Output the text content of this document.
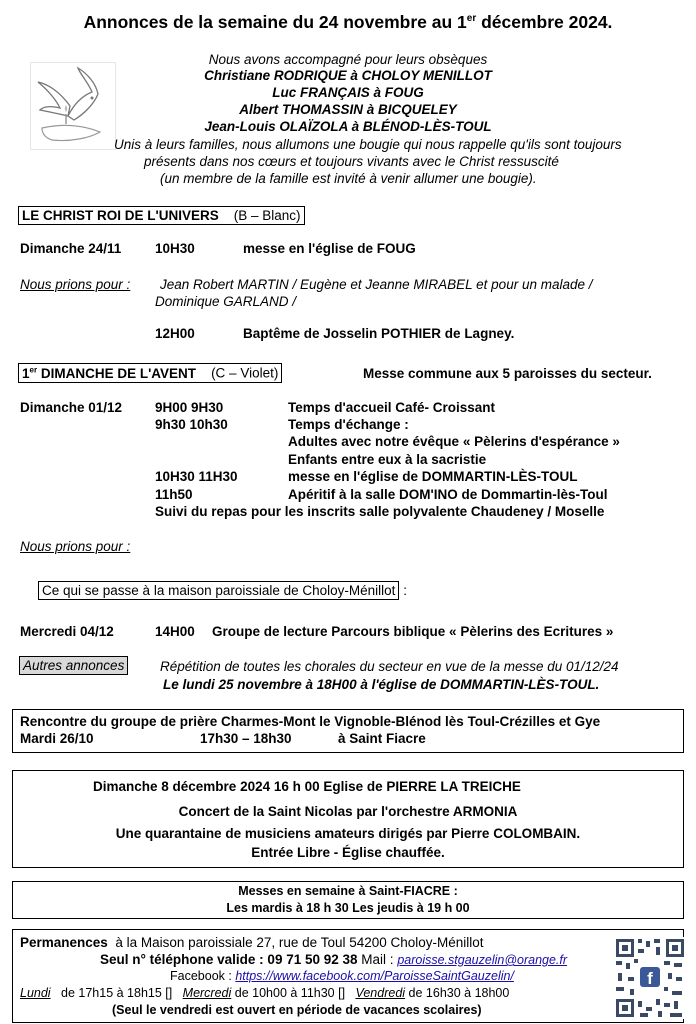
Annonces de la semaine du 24 novembre au 1er décembre 2024.
Nous avons accompagné pour leurs obsèques
Christiane RODRIQUE à CHOLOY MENILLOT
Luc FRANÇAIS à FOUG
Albert THOMASSIN à BICQUELEY
Jean-Louis OLAÏZOLA à BLÉNOD-LÈS-TOUL
Unis à leurs familles, nous allumons une bougie qui nous rappelle qu'ils sont toujours
présents dans nos cœurs et toujours vivants avec le Christ ressuscité
(un membre de la famille est invité à venir allumer une bougie).
LE CHRIST ROI DE L'UNIVERS (B – Blanc)
Dimanche 24/11 10H30	messe en l'église de FOUG
Nous prions pour : Jean Robert MARTIN / Eugène et Jeanne MIRABEL et pour un malade /
Dominique GARLAND /
12H00	Baptême de Josselin POTHIER de Lagney.
1er DIMANCHE DE L'AVENT (C – Violet)	Messe commune aux 5 paroisses du secteur.
Dimanche 01/12 9H00 9H30	Temps d'accueil Café- Croissant
9h30 10h30	Temps d'échange :
Adultes avec notre évêque « Pèlerins d'espérance »
Enfants entre eux à la sacristie
10H30 11H30	messe en l'église de DOMMARTIN-LÈS-TOUL
11h50	Apéritif à la salle DOM'INO de Dommartin-lès-Toul
Suivi du repas pour les inscrits salle polyvalente Chaudeney / Moselle
Nous prions pour :
Ce qui se passe à la maison paroissiale de Choloy-Ménillot :
Mercredi 04/12	14H00 Groupe de lecture Parcours biblique « Pèlerins des Ecritures »
Autres annonces	Répétition de toutes les chorales du secteur en vue de la messe du 01/12/24
Le lundi 25 novembre à 18H00 à l'église de DOMMARTIN-LÈS-TOUL.
Rencontre du groupe de prière Charmes-Mont le Vignoble-Blénod lès Toul-Crézilles et Gye
Mardi 26/10	17h30 – 18h30	à Saint Fiacre
Dimanche 8 décembre 2024 16 h 00 Eglise de PIERRE LA TREICHE
Concert de la Saint Nicolas par l'orchestre ARMONIA
Une quarantaine de musiciens amateurs dirigés par Pierre COLOMBAIN.
Entrée Libre - Église chauffée.
Messes en semaine à Saint-FIACRE :
Les mardis à 18 h 30 Les jeudis à 19 h 00
Permanences à la Maison paroissiale 27, rue de Toul 54200 Choloy-Ménillot
Seul n° téléphone valide : 09 71 50 92 38 Mail : paroisse.stgauzelin@orange.fr
Facebook : https://www.facebook.com/ParoisseSaintGauzelin/
Lundi de 17h15 à 18h15 [] Mercredi de 10h00 à 11h30 [] Vendredi de 16h30 à 18h00
(Seul le vendredi est ouvert en période de vacances scolaires)
f
